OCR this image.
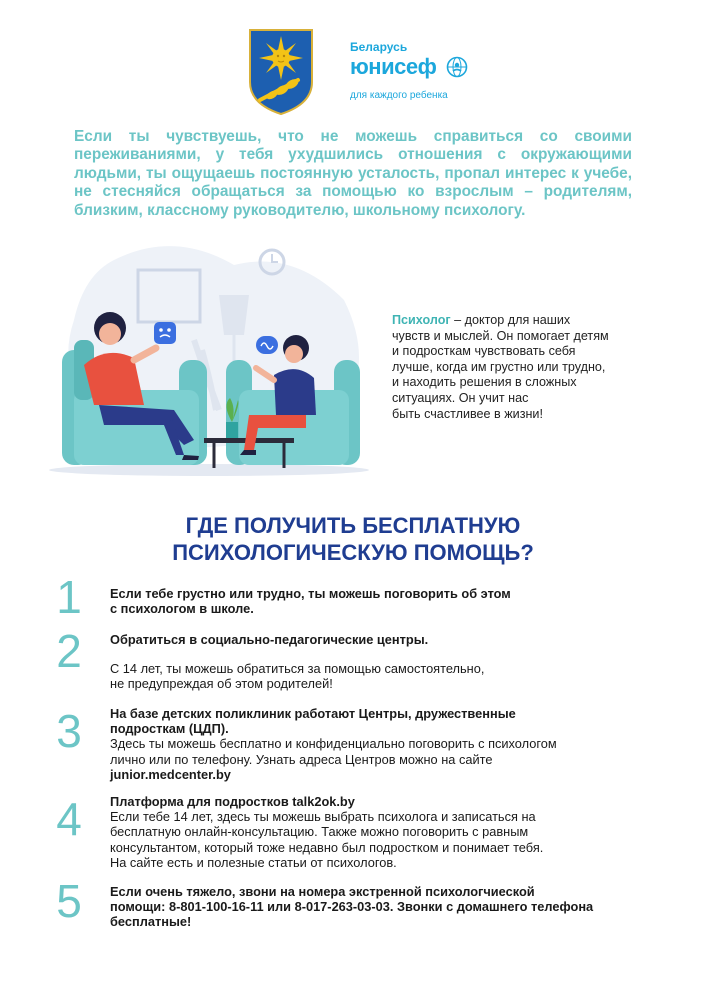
Беларусь
юнисеф
для каждого ребенка

Если ты чувствуешь, что не можешь справиться со своими переживаниями, у тебя ухудшились отношения с окружающими людьми, ты ощущаешь постоянную усталость, пропал интерес к учебе, не стесняйся обращаться за помощью ко взрослым – родителям, близким, классному руководителю, школьному психологу.

Психолог – доктор для наших
чувств и мыслей. Он помогает детям
и подросткам чувствовать себя
лучше, когда им грустно или трудно,
и находить решения в сложных
ситуациях. Он учит нас
быть счастливее в жизни!
ГДЕ ПОЛУЧИТЬ БЕСПЛАТНУЮ
ПСИХОЛОГИЧЕСКУЮ ПОМОЩЬ?
1 Если тебе грустно или трудно, ты можешь поговорить об этом
с психологом в школе.
2 Обратиться в социально-педагогические центры.
С 14 лет, ты можешь обратиться за помощью самостоятельно,
не предупреждая об этом родителей!
3 На базе детских поликлиник работают Центры, дружественные
подросткам (ЦДП).
Здесь ты можешь бесплатно и конфиденциально поговорить с психологом
лично или по телефону. Узнать адреса Центров можно на сайте
junior.medcenter.by
4 Платформа для подростков talk2ok.by
Если тебе 14 лет, здесь ты можешь выбрать психолога и записаться на
бесплатную онлайн-консультацию. Также можно поговорить с равным
консультантом, который тоже недавно был подростком и понимает тебя.
На сайте есть и полезные статьи от психологов.
5 Если очень тяжело, звони на номера экстренной психологчиеской
помощи: 8-801-100-16-11 или 8-017-263-03-03. Звонки с домашнего телефона
бесплатные!
